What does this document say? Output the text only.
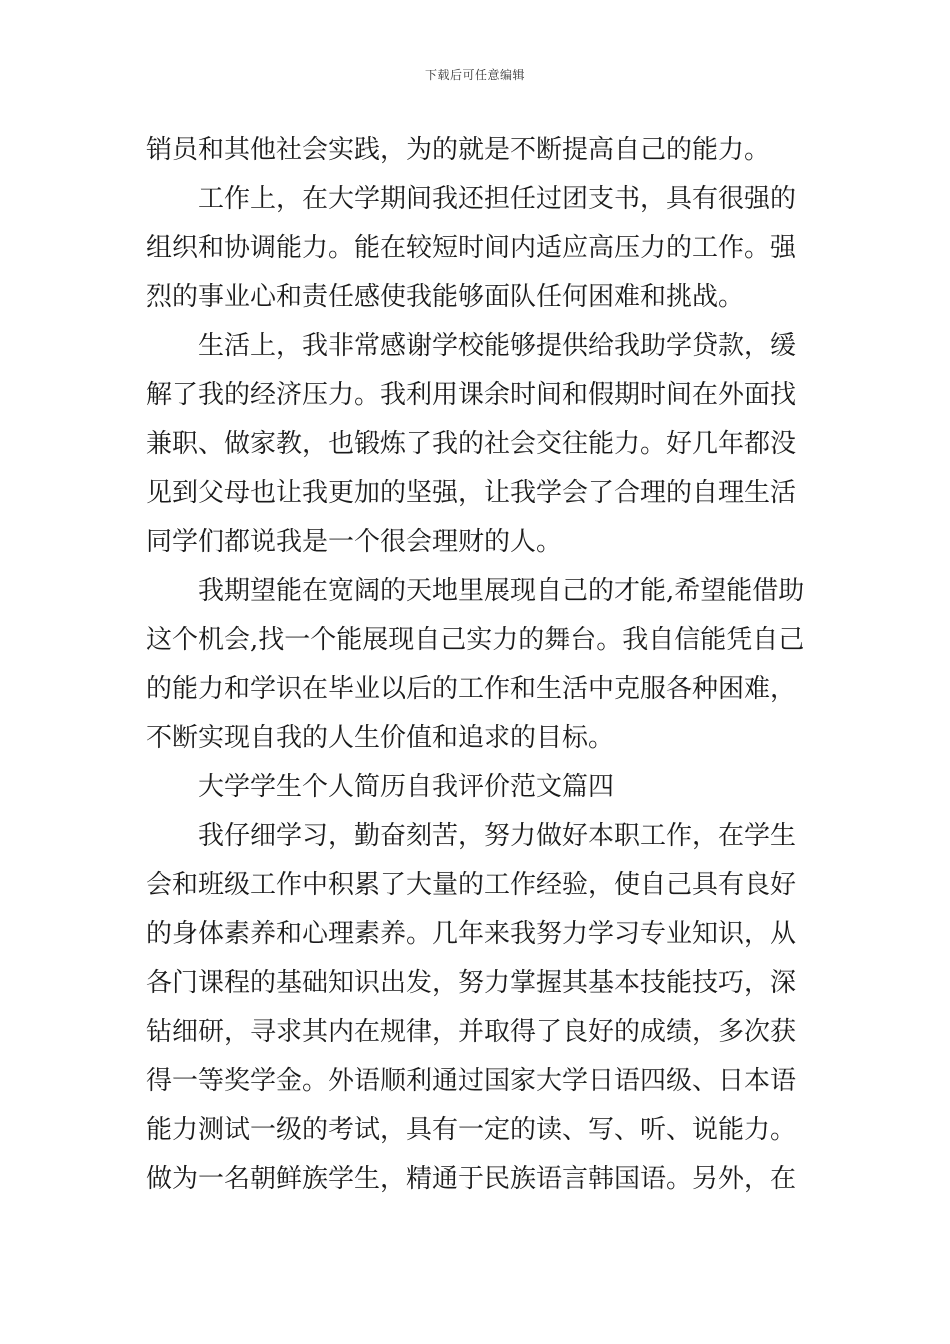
下载后可任意编辑
销员和其他社会实践，为的就是不断提高自己的能力。
工作上，在大学期间我还担任过团支书，具有很强的
组织和协调能力。能在较短时间内适应高压力的工作。强
烈的事业心和责任感使我能够面队任何困难和挑战。
生活上，我非常感谢学校能够提供给我助学贷款，缓
解了我的经济压力。我利用课余时间和假期时间在外面找
兼职、做家教，也锻炼了我的社会交往能力。好几年都没
见到父母也让我更加的坚强，让我学会了合理的自理生活
同学们都说我是一个很会理财的人。
我期望能在宽阔的天地里展现自己的才能,希望能借助
这个机会,找一个能展现自己实力的舞台。我自信能凭自己
的能力和学识在毕业以后的工作和生活中克服各种困难，
不断实现自我的人生价值和追求的目标。
大学学生个人简历自我评价范文篇四
我仔细学习，勤奋刻苦，努力做好本职工作，在学生
会和班级工作中积累了大量的工作经验，使自己具有良好
的身体素养和心理素养。几年来我努力学习专业知识，从
各门课程的基础知识出发，努力掌握其基本技能技巧，深
钻细研，寻求其内在规律，并取得了良好的成绩，多次获
得一等奖学金。外语顺利通过国家大学日语四级、日本语
能力测试一级的考试，具有一定的读、写、听、说能力。
做为一名朝鲜族学生，精通于民族语言韩国语。另外，在
